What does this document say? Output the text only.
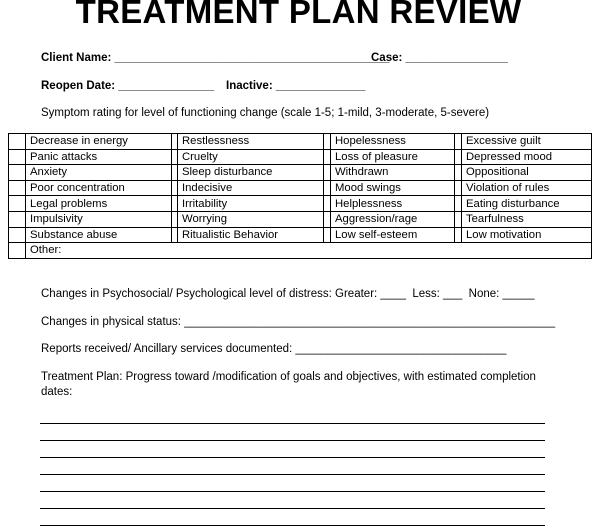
TREATMENT PLAN REVIEW
Client Name: ___________________________________________
Case: ________________
Reopen Date: _______________ Inactive: ______________
Symptom rating for level of functioning change (scale 1-5; 1-mild, 3-moderate, 5-severe)
	Decrease in energy		Restlessness		Hopelessness		Excessive guilt
	Panic attacks		Cruelty		Loss of pleasure		Depressed mood
	Anxiety		Sleep disturbance		Withdrawn		Oppositional
	Poor concentration		Indecisive		Mood swings		Violation of rules
	Legal problems		Irritability		Helplessness		Eating disturbance
	Impulsivity		Worrying		Aggression/rage		Tearfulness
	Substance abuse		Ritualistic Behavior		Low self-esteem		Low motivation
	Other:						
Changes in Psychosocial/ Psychological level of distress: Greater: ____  Less: ___  None: _____
Changes in physical status: __________________________________________________________
Reports received/ Ancillary services documented: _________________________________
Treatment Plan: Progress toward /modification of goals and objectives, with estimated completion
dates:
